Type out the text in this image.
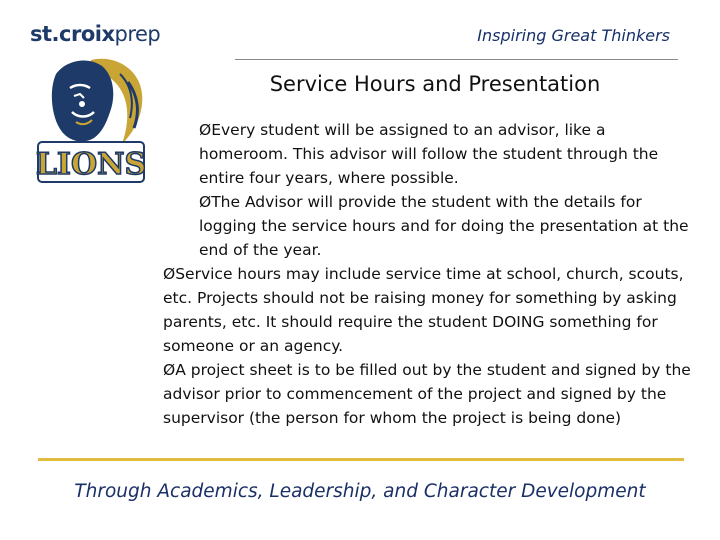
st.croixprep	Inspiring Great Thinkers
LIONS
Service Hours and Presentation

ØEvery student will be assigned to an advisor, like a homeroom. This advisor will follow the student through the entire four years, where possible.

ØThe Advisor will provide the student with the details for logging the service hours and for doing the presentation at the end of the year.

ØService hours may include service time at school, church, scouts, etc. Projects should not be raising money for something by asking parents, etc. It should require the student DOING something for someone or an agency.

ØA project sheet is to be filled out by the student and signed by the advisor prior to commencement of the project and signed by the supervisor (the person for whom the project is being done)

Through Academics, Leadership, and Character Development
